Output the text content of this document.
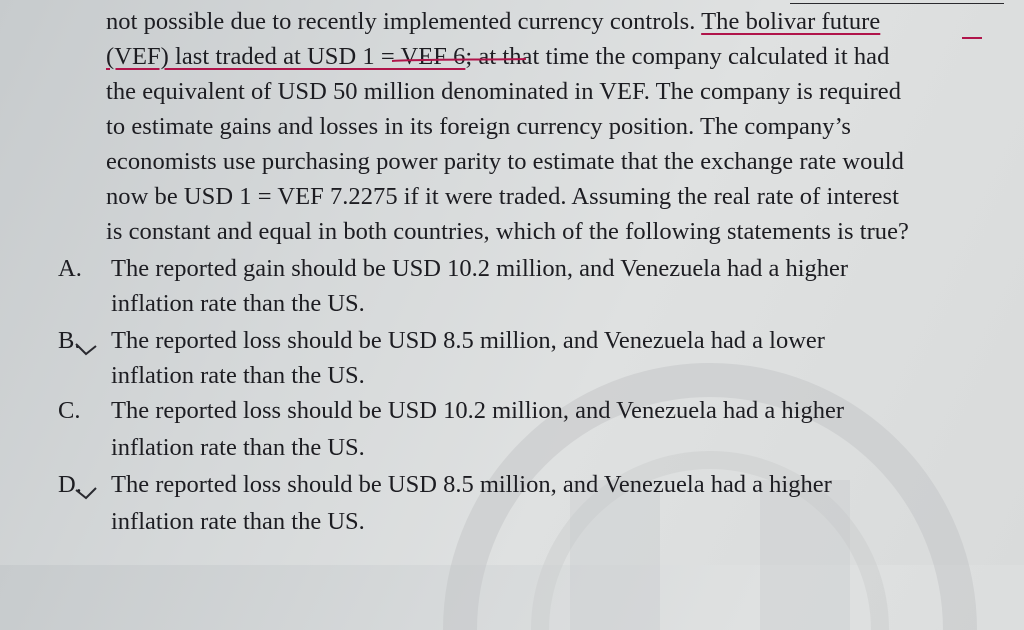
not possible due to recently implemented currency controls. The bolivar future
(VEF) last traded at USD 1 = VEF 6; at that time the company calculated it had
the equivalent of USD 50 million denominated in VEF. The company is required
to estimate gains and losses in its foreign currency position. The company’s
economists use purchasing power parity to estimate that the exchange rate would
now be USD 1 = VEF 7.2275 if it were traded. Assuming the real rate of interest
is constant and equal in both countries, which of the following statements is true?
A. The reported gain should be USD 10.2 million, and Venezuela had a higher
inflation rate than the US.
B. The reported loss should be USD 8.5 million, and Venezuela had a lower
inflation rate than the US.
C. The reported loss should be USD 10.2 million, and Venezuela had a higher
inflation rate than the US.
D. The reported loss should be USD 8.5 million, and Venezuela had a higher
inflation rate than the US.
